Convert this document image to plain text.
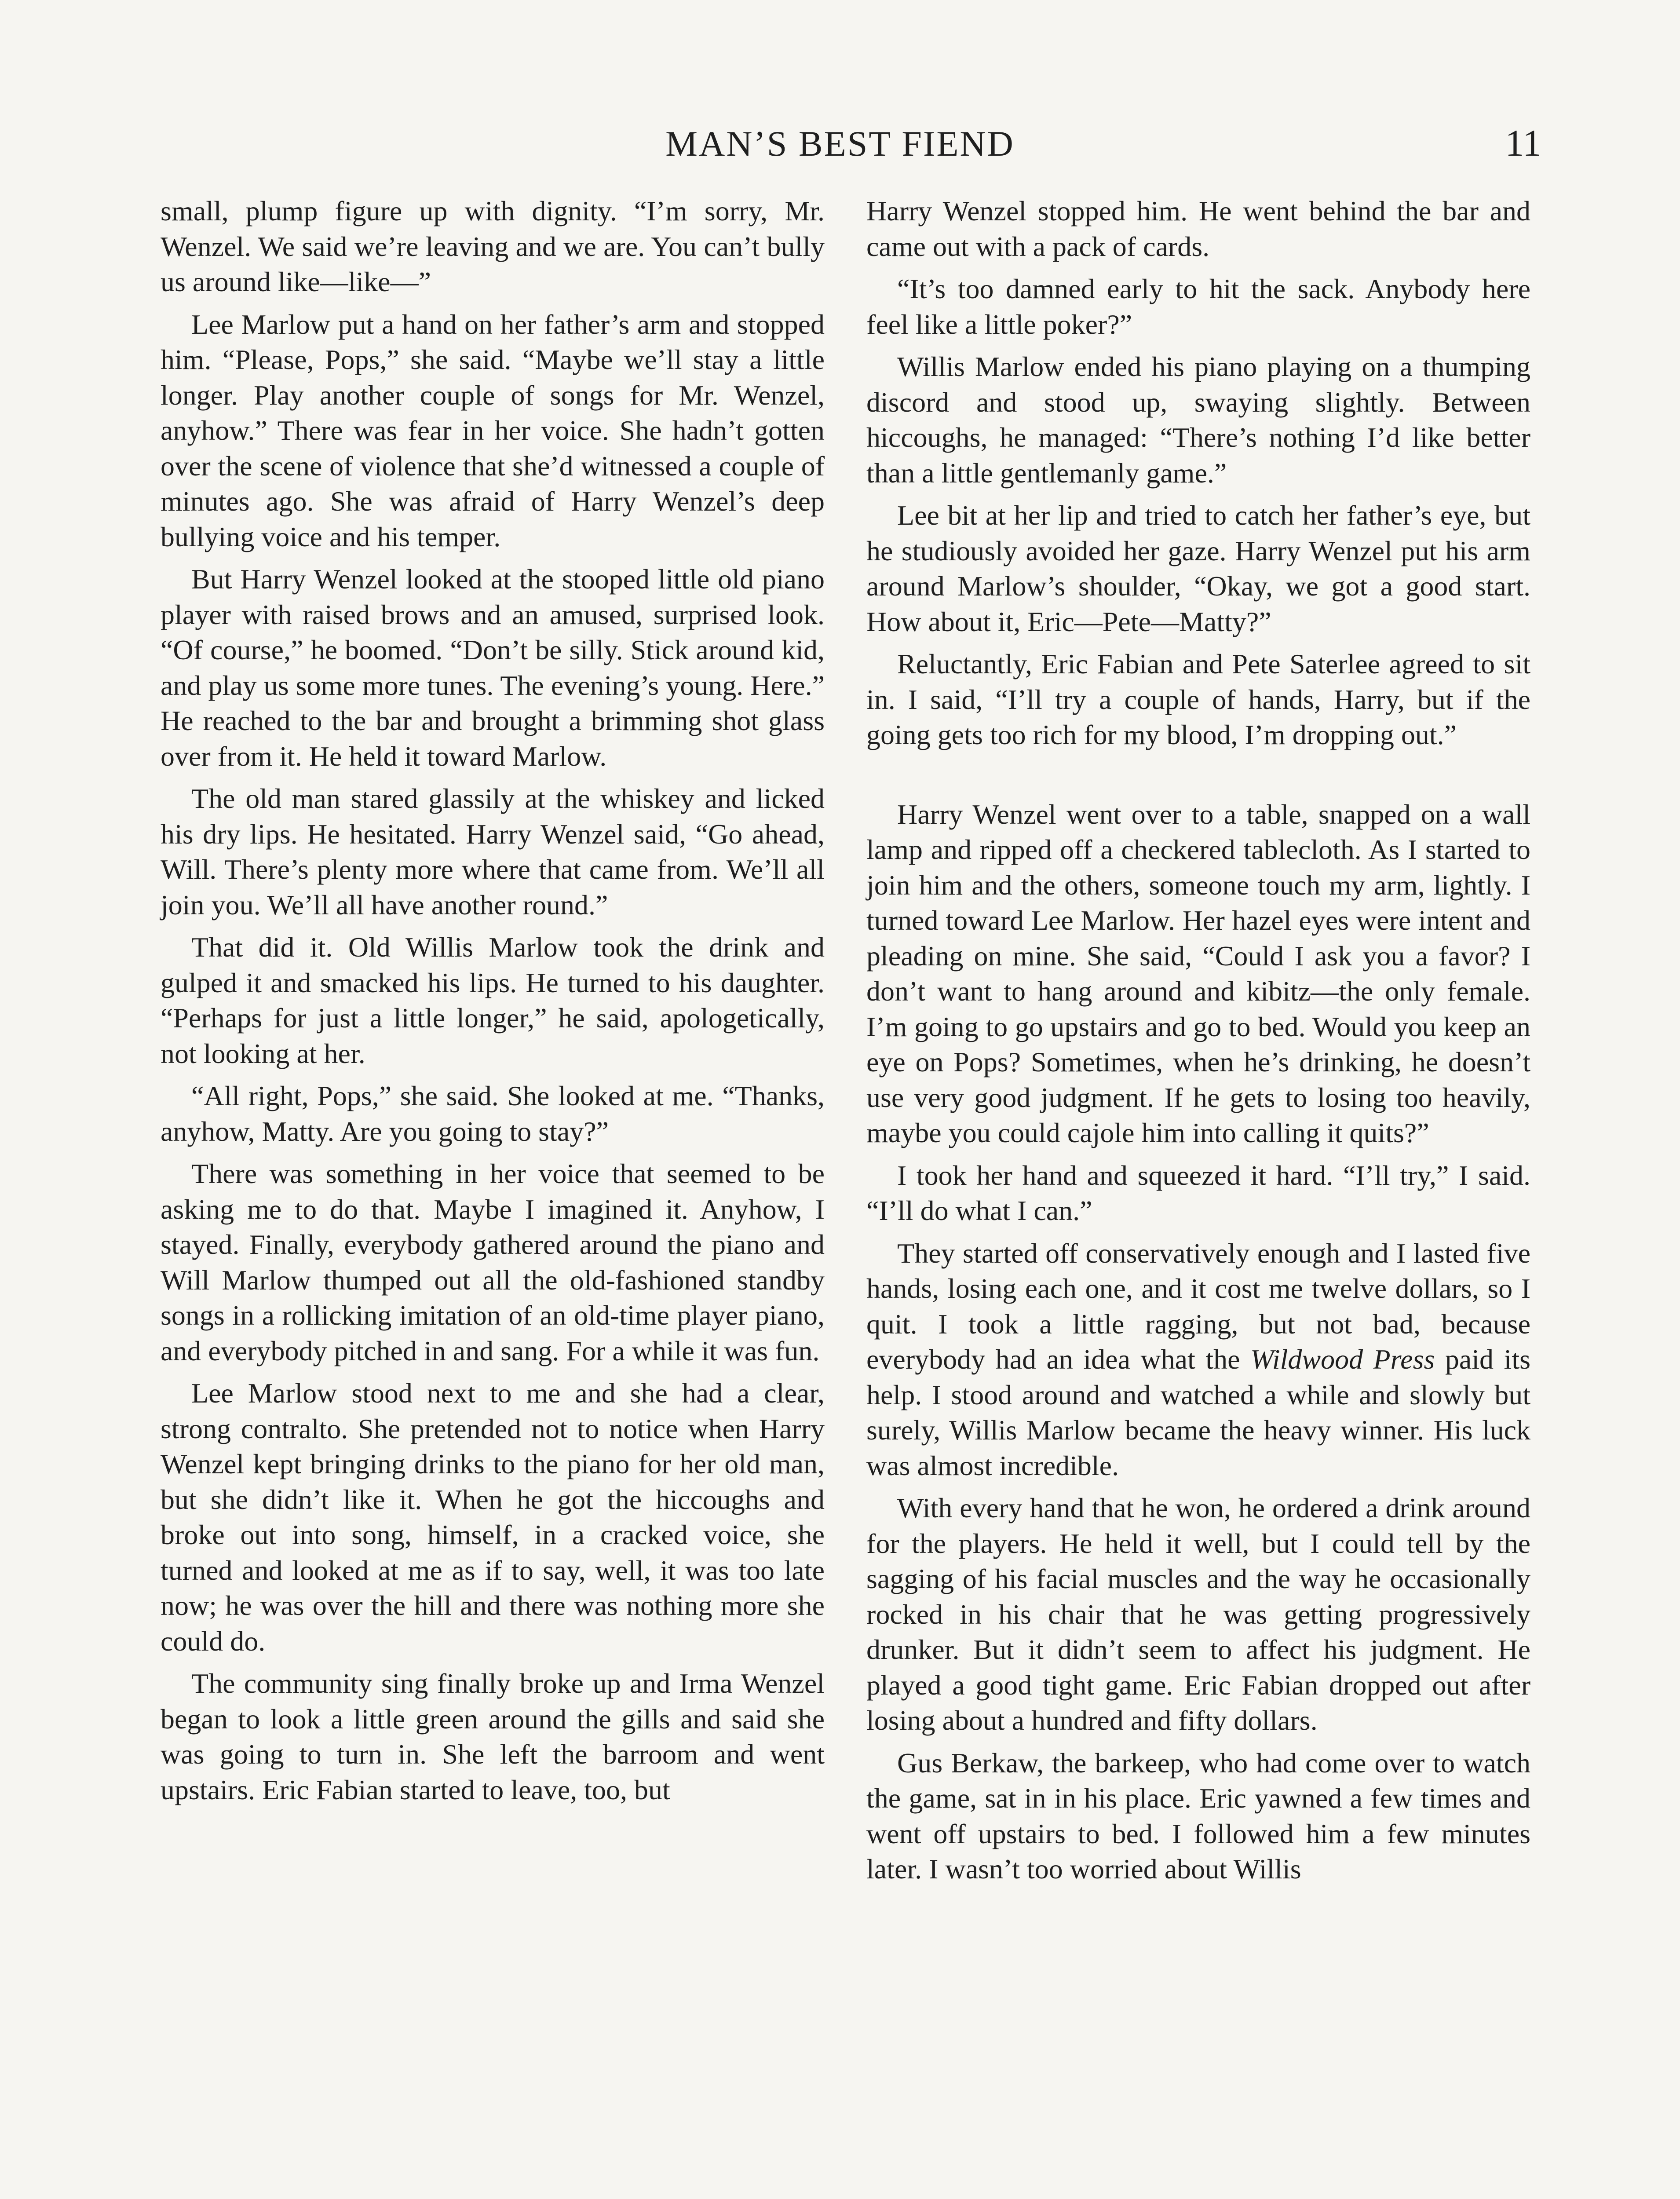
MAN’S BEST FIEND	11

small, plump figure up with dignity. “I’m sorry, Mr. Wenzel. We said we’re leaving and we are. You can’t bully us around like—like—”

Lee Marlow put a hand on her father’s arm and stopped him. “Please, Pops,” she said. “Maybe we’ll stay a little longer. Play another couple of songs for Mr. Wenzel, anyhow.” There was fear in her voice. She hadn’t gotten over the scene of violence that she’d witnessed a couple of minutes ago. She was afraid of Harry Wenzel’s deep bullying voice and his temper.

But Harry Wenzel looked at the stooped little old piano player with raised brows and an amused, surprised look. “Of course,” he boomed. “Don’t be silly. Stick around kid, and play us some more tunes. The evening’s young. Here.” He reached to the bar and brought a brimming shot glass over from it. He held it toward Marlow.

The old man stared glassily at the whiskey and licked his dry lips. He hesitated. Harry Wenzel said, “Go ahead, Will. There’s plenty more where that came from. We’ll all join you. We’ll all have another round.”

That did it. Old Willis Marlow took the drink and gulped it and smacked his lips. He turned to his daughter. “Perhaps for just a little longer,” he said, apologetically, not looking at her.

“All right, Pops,” she said. She looked at me. “Thanks, anyhow, Matty. Are you going to stay?”

There was something in her voice that seemed to be asking me to do that. Maybe I imagined it. Anyhow, I stayed. Finally, everybody gathered around the piano and Will Marlow thumped out all the old-fashioned standby songs in a rollicking imitation of an old-time player piano, and everybody pitched in and sang. For a while it was fun.

Lee Marlow stood next to me and she had a clear, strong contralto. She pretended not to notice when Harry Wenzel kept bringing drinks to the piano for her old man, but she didn’t like it. When he got the hiccoughs and broke out into song, himself, in a cracked voice, she turned and looked at me as if to say, well, it was too late now; he was over the hill and there was nothing more she could do.

The community sing finally broke up and Irma Wenzel began to look a little green around the gills and said she was going to turn in. She left the barroom and went upstairs. Eric Fabian started to leave, too, but

Harry Wenzel stopped him. He went behind the bar and came out with a pack of cards.

“It’s too damned early to hit the sack. Anybody here feel like a little poker?”

Willis Marlow ended his piano playing on a thumping discord and stood up, swaying slightly. Between hiccoughs, he managed: “There’s nothing I’d like better than a little gentlemanly game.”

Lee bit at her lip and tried to catch her father’s eye, but he studiously avoided her gaze. Harry Wenzel put his arm around Marlow’s shoulder, “Okay, we got a good start. How about it, Eric—Pete—Matty?”

Reluctantly, Eric Fabian and Pete Saterlee agreed to sit in. I said, “I’ll try a couple of hands, Harry, but if the going gets too rich for my blood, I’m dropping out.”

Harry Wenzel went over to a table, snapped on a wall lamp and ripped off a checkered tablecloth. As I started to join him and the others, someone touch my arm, lightly. I turned toward Lee Marlow. Her hazel eyes were intent and pleading on mine. She said, “Could I ask you a favor? I don’t want to hang around and kibitz—the only female. I’m going to go upstairs and go to bed. Would you keep an eye on Pops? Sometimes, when he’s drinking, he doesn’t use very good judgment. If he gets to losing too heavily, maybe you could cajole him into calling it quits?”

I took her hand and squeezed it hard. “I’ll try,” I said. “I’ll do what I can.”

They started off conservatively enough and I lasted five hands, losing each one, and it cost me twelve dollars, so I quit. I took a little ragging, but not bad, because everybody had an idea what the Wildwood Press paid its help. I stood around and watched a while and slowly but surely, Willis Marlow became the heavy winner. His luck was almost incredible.

With every hand that he won, he ordered a drink around for the players. He held it well, but I could tell by the sagging of his facial muscles and the way he occasionally rocked in his chair that he was getting progressively drunker. But it didn’t seem to affect his judgment. He played a good tight game. Eric Fabian dropped out after losing about a hundred and fifty dollars.

Gus Berkaw, the barkeep, who had come over to watch the game, sat in in his place. Eric yawned a few times and went off upstairs to bed. I followed him a few minutes later. I wasn’t too worried about Willis
